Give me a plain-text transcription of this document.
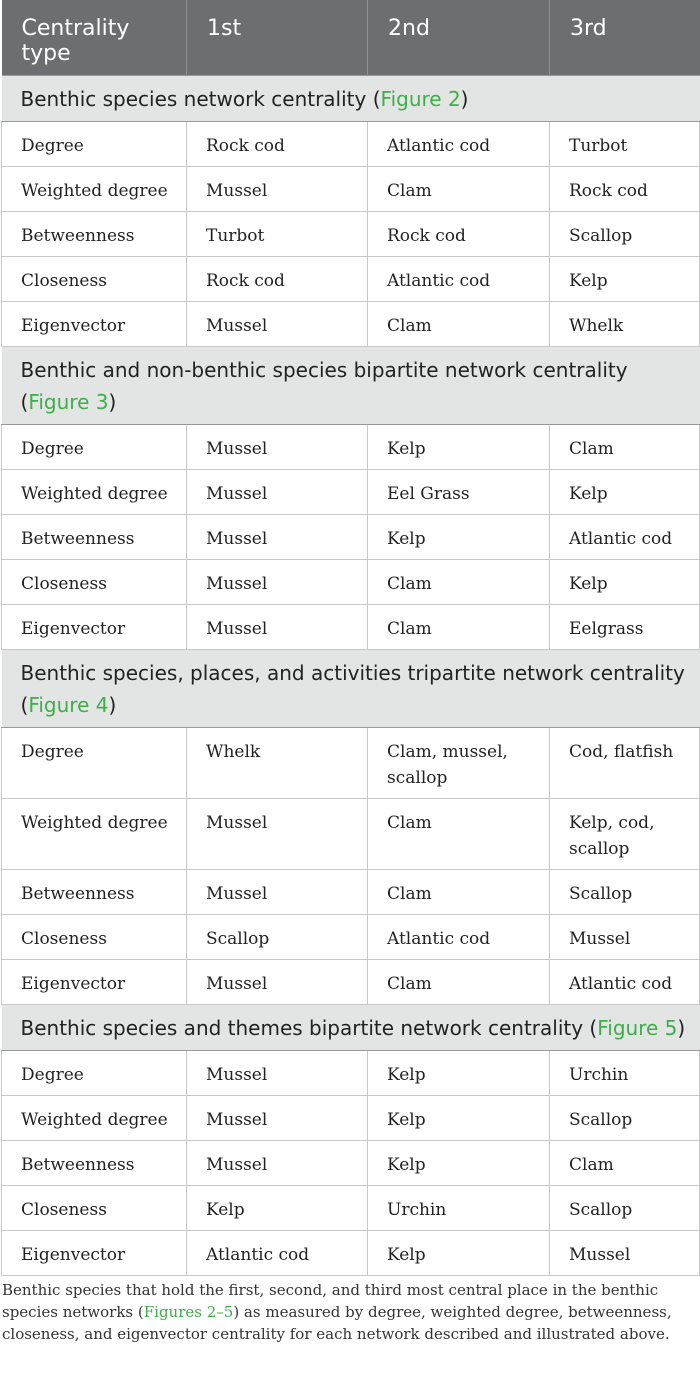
Centrality type	1st	2nd	3rd
Benthic species network centrality (Figure 2)			
Degree	Rock cod	Atlantic cod	Turbot
Weighted degree	Mussel	Clam	Rock cod
Betweenness	Turbot	Rock cod	Scallop
Closeness	Rock cod	Atlantic cod	Kelp
Eigenvector	Mussel	Clam	Whelk
Benthic and non-benthic species bipartite network centrality (Figure 3)			
Degree	Mussel	Kelp	Clam
Weighted degree	Mussel	Eel Grass	Kelp
Betweenness	Mussel	Kelp	Atlantic cod
Closeness	Mussel	Clam	Kelp
Eigenvector	Mussel	Clam	Eelgrass
Benthic species, places, and activities tripartite network centrality (Figure 4)			
Degree	Whelk	Clam, mussel, scallop	Cod, flatfish
Weighted degree	Mussel	Clam	Kelp, cod, scallop
Betweenness	Mussel	Clam	Scallop
Closeness	Scallop	Atlantic cod	Mussel
Eigenvector	Mussel	Clam	Atlantic cod
Benthic species and themes bipartite network centrality (Figure 5)			
Degree	Mussel	Kelp	Urchin
Weighted degree	Mussel	Kelp	Scallop
Betweenness	Mussel	Kelp	Clam
Closeness	Kelp	Urchin	Scallop
Eigenvector	Atlantic cod	Kelp	Mussel

Benthic species that hold the first, second, and third most central place in the benthic species networks (Figures 2–5) as measured by degree, weighted degree, betweenness, closeness, and eigenvector centrality for each network described and illustrated above.
